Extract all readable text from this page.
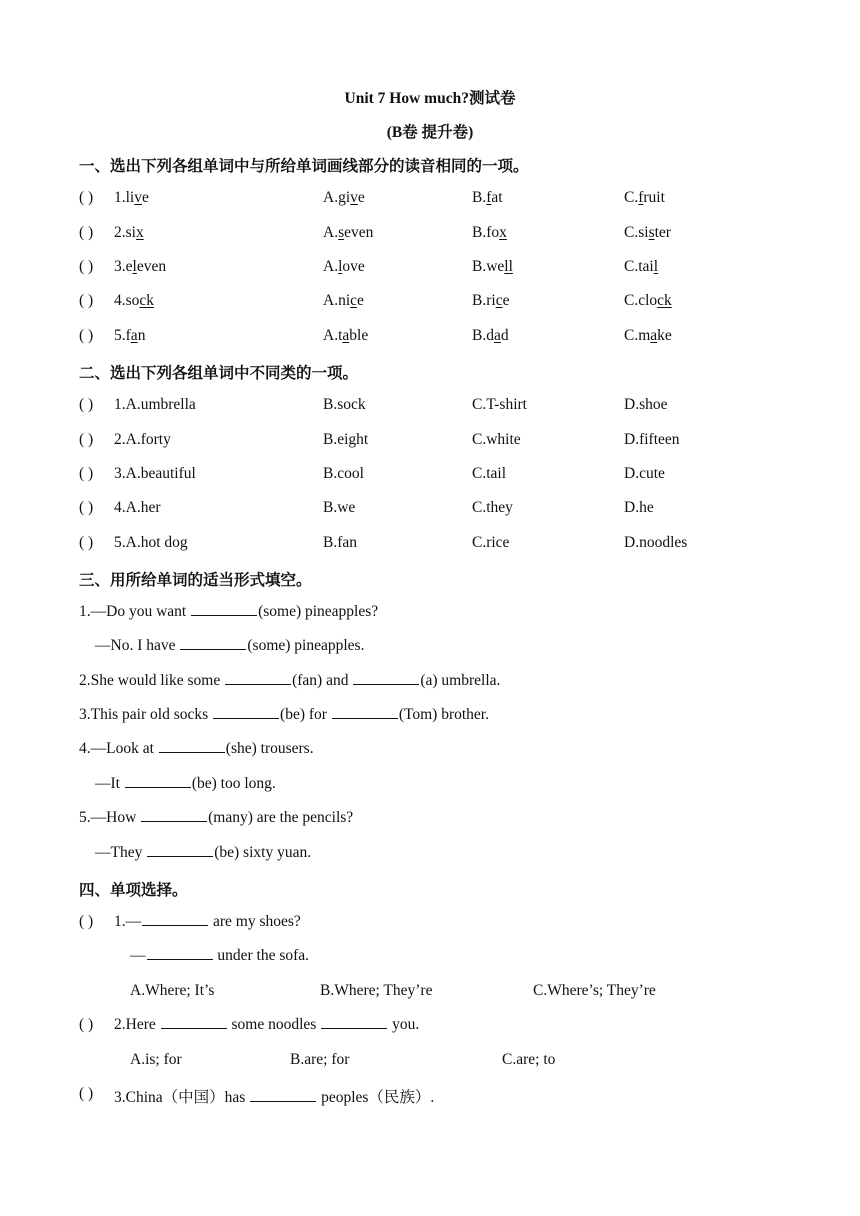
Unit 7 How much?测试卷
(B卷 提升卷)
一、选出下列各组单词中与所给单词画线部分的读音相同的一项。
( ) 1.live	A.give	B.fat	C.fruit
( ) 2.six	A.seven	B.fox	C.sister
( ) 3.eleven	A.love	B.well	C.tail
( ) 4.sock	A.nice	B.rice	C.clock
( ) 5.fan	A.table	B.dad	C.make
二、选出下列各组单词中不同类的一项。
( ) 1.A.umbrella	B.sock	C.T-shirt	D.shoe
( ) 2.A.forty	B.eight	C.white	D.fifteen
( ) 3.A.beautiful	B.cool	C.tail	D.cute
( ) 4.A.her	B.we	C.they	D.he
( ) 5.A.hot dog	B.fan	C.rice	D.noodles
三、用所给单词的适当形式填空。
1.—Do you want	(some) pineapples?
—No. I have	(some) pineapples.
2.She would like some	(fan) and	(a) umbrella.
3.This pair old socks	(be) for	(Tom) brother.
4.—Look at	(she) trousers.
—It	(be) too long.
5.—How	(many) are the pencils?
—They	(be) sixty yuan.
四、单项选择。
( ) 1.—	are my shoes?
—	under the sofa.
A.Where; It’s	B.Where; They’re	C.Where’s; They’re
( ) 2.Here	some noodles	you.
A.is; for	B.are; for	C.are; to
( ) 3.China（中国）has	peoples（民族）.
